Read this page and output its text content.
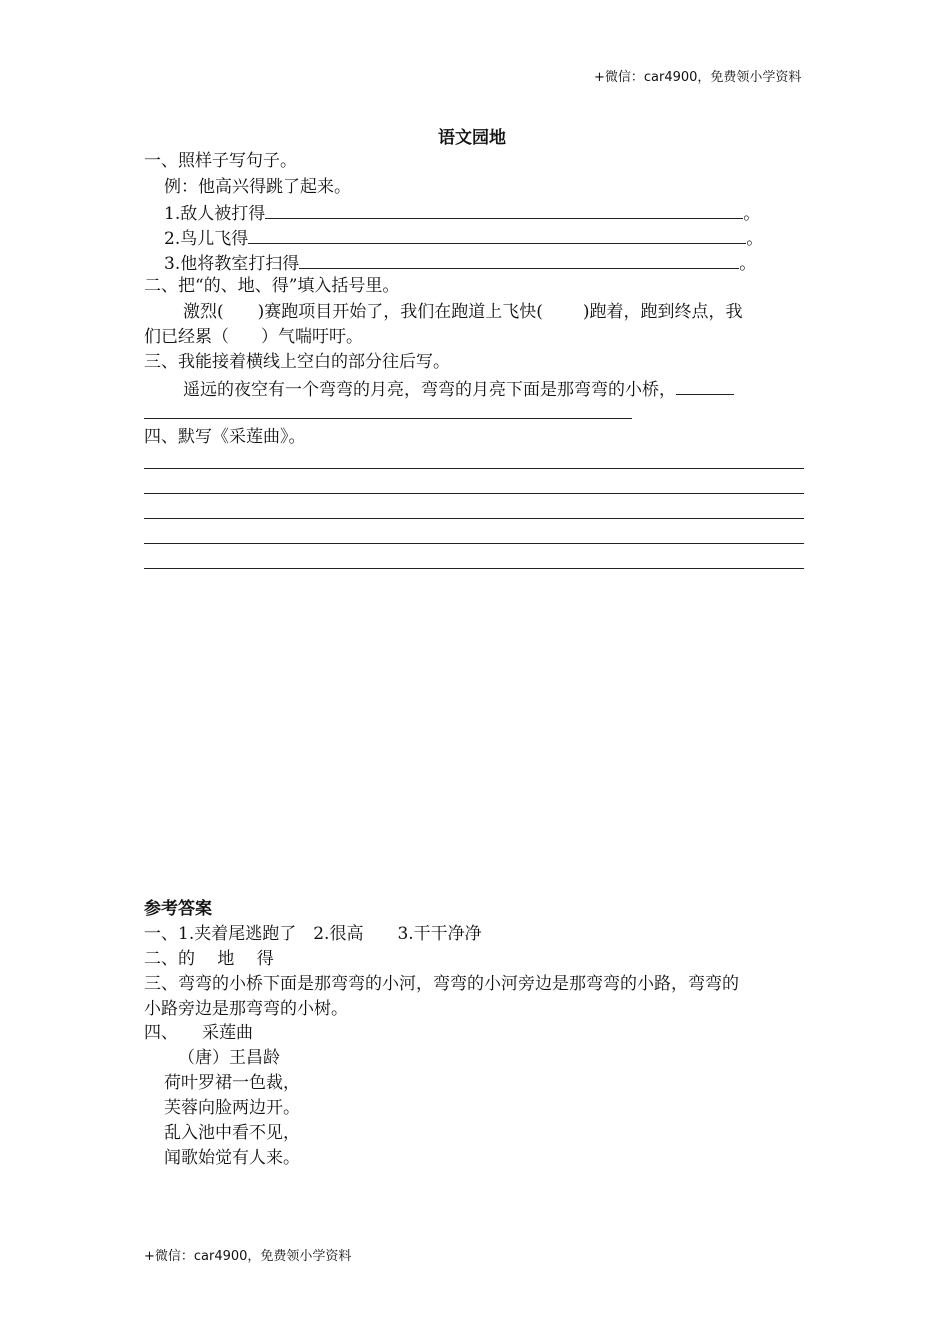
+微信：car4900，免费领小学资料
语文园地
一、照样子写句子。
例：他高兴得跳了起来。
1.敌人被打得	。
2.鸟儿飞得	。
3.他将教室打扫得	。
二、把“的、地、得”填入括号里。
激烈( )赛跑项目开始了，我们在跑道上飞快( )跑着，跑到终点，我
们已经累（ ）气喘吁吁。
三、我能接着横线上空白的部分往后写。
遥远的夜空有一个弯弯的月亮，弯弯的月亮下面是那弯弯的小桥，
四、默写《采莲曲》。
参考答案
一、1.夹着尾逃跑了　2.很高　　3.干干净净
二、的　 地　 得
三、弯弯的小桥下面是那弯弯的小河，弯弯的小河旁边是那弯弯的小路，弯弯的
小路旁边是那弯弯的小树。
四、 采莲曲
（唐）王昌龄
荷叶罗裙一色裁，
芙蓉向脸两边开。
乱入池中看不见，
闻歌始觉有人来。
+微信：car4900，免费领小学资料
